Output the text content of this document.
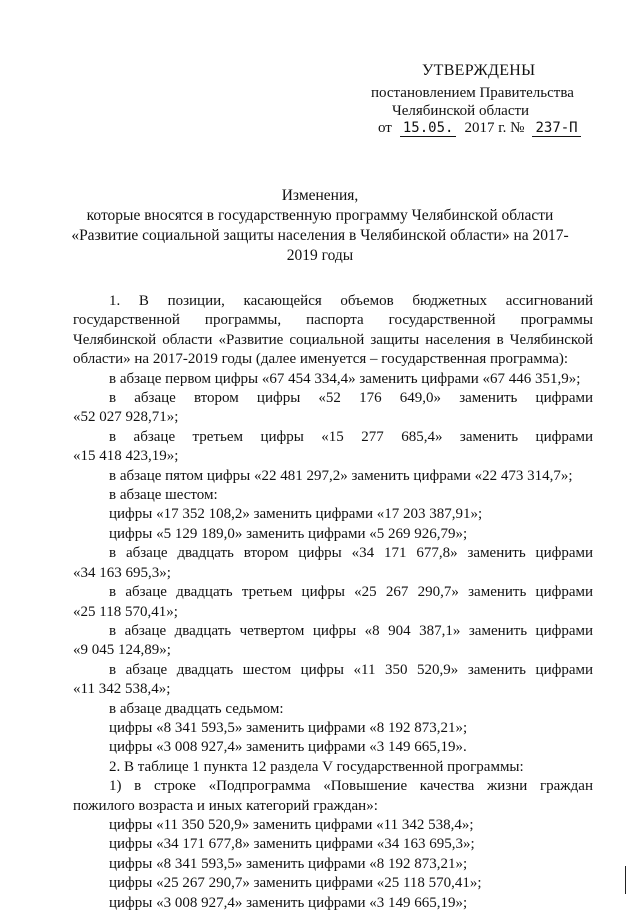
УТВЕРЖДЕНЫ
постановлением Правительства
Челябинской области
от 15.05. 2017 г. № 237-П
Изменения,
которые вносятся в государственную программу Челябинской области
«Развитие социальной защиты населения в Челябинской области» на 2017-
2019 годы
1. В позиции, касающейся объемов бюджетных ассигнований
государственной программы, паспорта государственной программы
Челябинской области «Развитие социальной защиты населения в Челябинской
области» на 2017-2019 годы (далее именуется – государственная программа):
в абзаце первом цифры «67 454 334,4» заменить цифрами «67 446 351,9»;
в абзаце втором цифры «52 176 649,0» заменить цифрами
«52 027 928,71»;
в абзаце третьем цифры «15 277 685,4» заменить цифрами
«15 418 423,19»;
в абзаце пятом цифры «22 481 297,2» заменить цифрами «22 473 314,7»;
в абзаце шестом:
цифры «17 352 108,2» заменить цифрами «17 203 387,91»;
цифры «5 129 189,0» заменить цифрами «5 269 926,79»;
в абзаце двадцать втором цифры «34 171 677,8» заменить цифрами
«34 163 695,3»;
в абзаце двадцать третьем цифры «25 267 290,7» заменить цифрами
«25 118 570,41»;
в абзаце двадцать четвертом цифры «8 904 387,1» заменить цифрами
«9 045 124,89»;
в абзаце двадцать шестом цифры «11 350 520,9» заменить цифрами
«11 342 538,4»;
в абзаце двадцать седьмом:
цифры «8 341 593,5» заменить цифрами «8 192 873,21»;
цифры «3 008 927,4» заменить цифрами «3 149 665,19».
2. В таблице 1 пункта 12 раздела V государственной программы:
1) в строке «Подпрограмма «Повышение качества жизни граждан
пожилого возраста и иных категорий граждан»:
цифры «11 350 520,9» заменить цифрами «11 342 538,4»;
цифры «34 171 677,8» заменить цифрами «34 163 695,3»;
цифры «8 341 593,5» заменить цифрами «8 192 873,21»;
цифры «25 267 290,7» заменить цифрами «25 118 570,41»;
цифры «3 008 927,4» заменить цифрами «3 149 665,19»;
